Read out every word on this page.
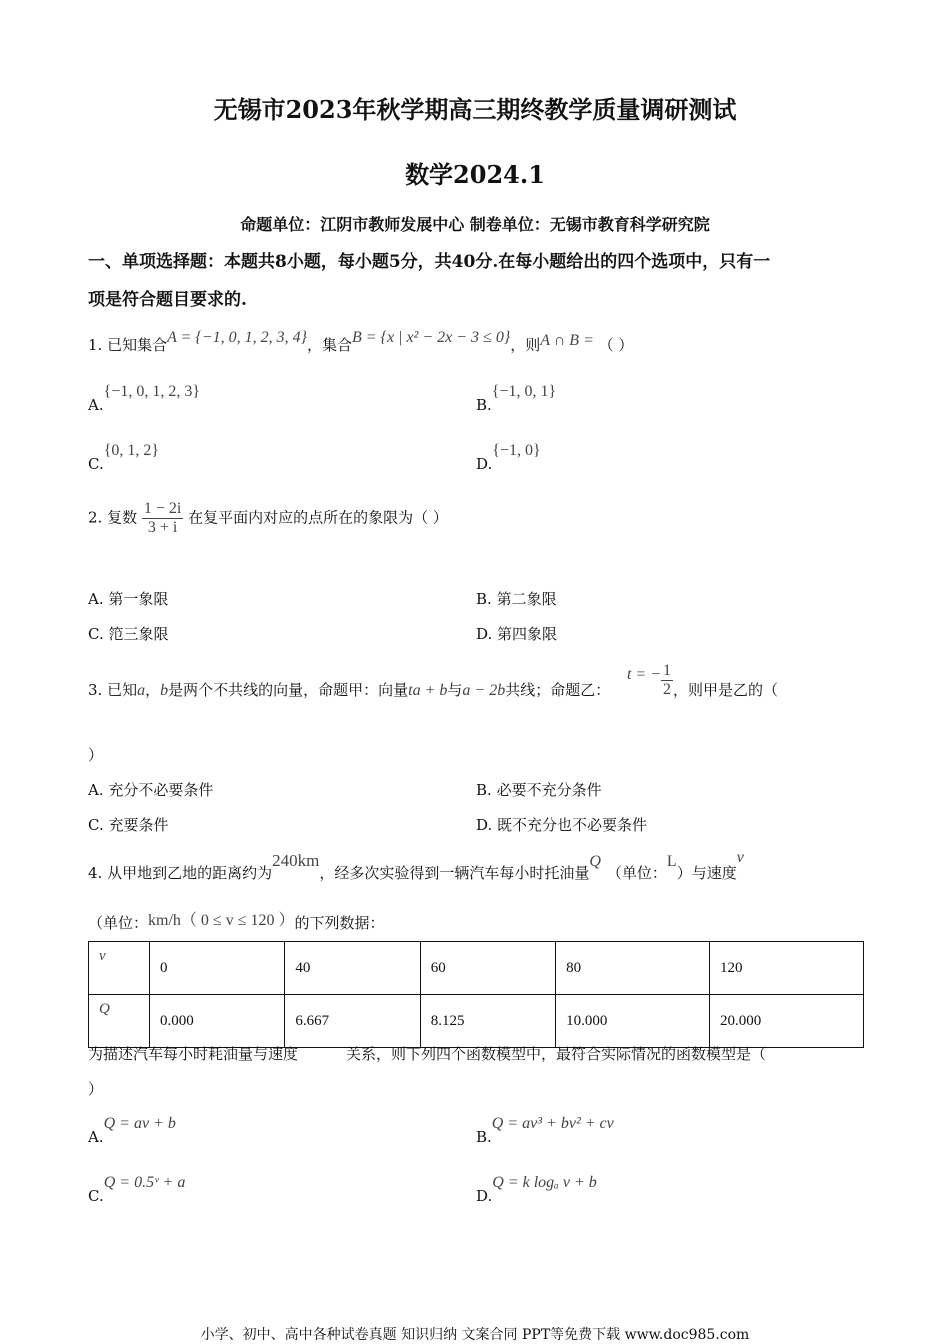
无锡市2023年秋学期高三期终教学质量调研测试
数学2024.1
命题单位：江阴市教师发展中心 制卷单位：无锡市教育科学研究院
一、单项选择题：本题共8小题，每小题5分，共40分.在每小题给出的四个选项中，只有一
项是符合题目要求的.
1. 已知集合A = {−1, 0, 1, 2, 3, 4}，集合B = {x | x² − 2x − 3 ≤ 0}，则A ∩ B = （ ）
A.{−1, 0, 1, 2, 3}
B.{−1, 0, 1}
C.{0, 1, 2}
D.{−1, 0}
2. 复数 $\frac{1 - 2i}{3 + i}$ 在复平面内对应的点所在的象限为（ ）
A. 第一象限	B. 第二象限
C. 笵三象限	D. 第四象限
3. 已知a，b是两个不共线的向量，命题甲：向量ta + b与a − 2b共线；命题乙： t = − $\frac{1}{2}$ ，则甲是乙的（
）
A. 充分不必要条件	B. 必要不充分条件
C. 充要条件	D. 既不充分也不必要条件
4. 从甲地到乙地的距离约为240km，经多次实验得到一辆汽车每小时托油量Q（单位：L）与速度v
（单位：km/h（ 0 ≤ v ≤ 120 ）的下列数据：
v	0	40	60	80	120
Q	0.000	6.667	8.125	10.000	20.000
为描述汽车每小时耗油量与速度	关系，则下列四个函数模型中，最符合实际情况的函数模型是（
）
A.Q = av + b
B.Q = av³ + bv² + cv
C.Q = 0.5ᵛ + a
D.Q = k logₐ v + b
小学、初中、高中各种试卷真题 知识归纳 文案合同 PPT等免费下载 www.doc985.com
